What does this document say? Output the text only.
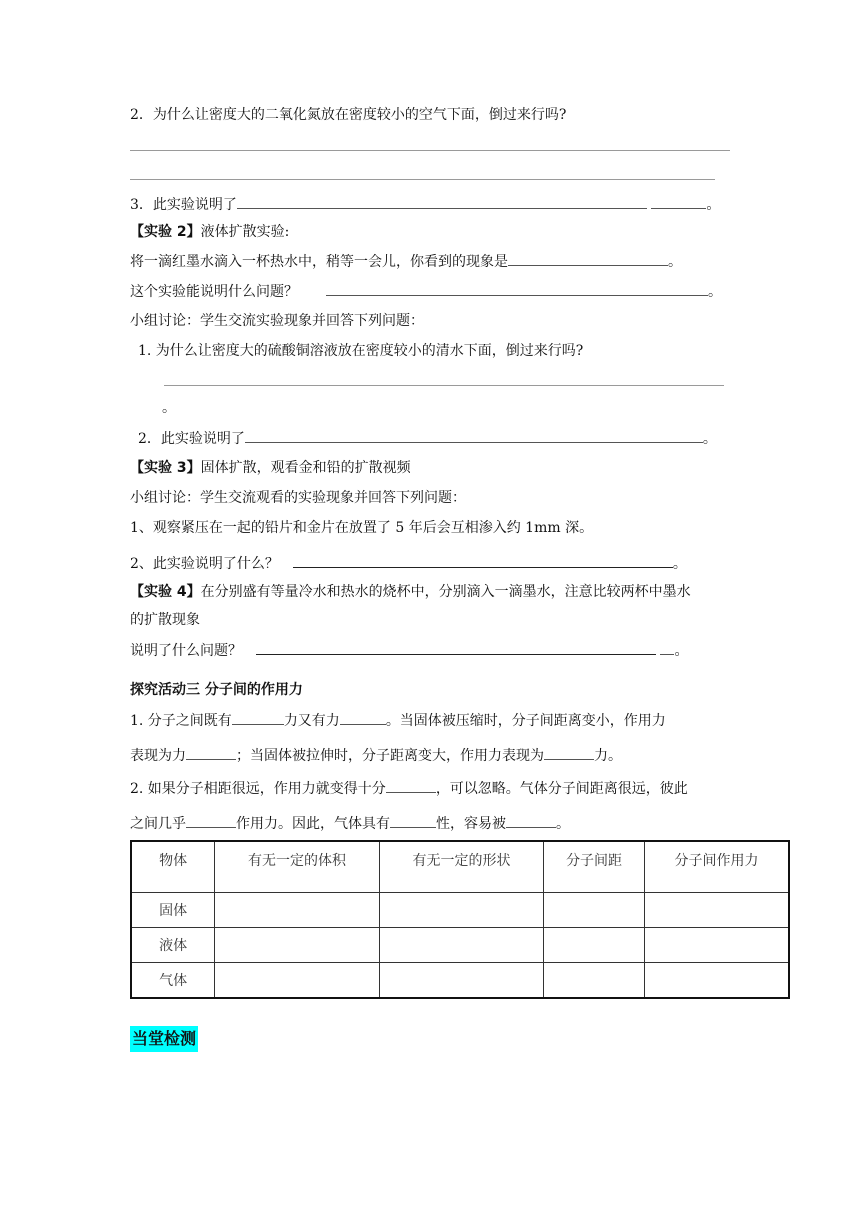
2．为什么让密度大的二氧化氮放在密度较小的空气下面，倒过来行吗?
3．此实验说明了	。
【实验 2】液体扩散实验:
将一滴红墨水滴入一杯热水中，稍等一会儿，你看到的现象是	。
这个实验能说明什么问题？	。
小组讨论：学生交流实验现象并回答下列问题：
1. 为什么让密度大的硫酸铜溶液放在密度较小的清水下面，倒过来行吗?
。
2．此实验说明了	。
【实验 3】固体扩散，观看金和铅的扩散视频
小组讨论：学生交流观看的实验现象并回答下列问题：
1、观察紧压在一起的铅片和金片在放置了 5 年后会互相渗入约 1mm 深。
2、此实验说明了什么？	。
【实验 4】在分别盛有等量冷水和热水的烧杯中，分别滴入一滴墨水，注意比较两杯中墨水
的扩散现象
说明了什么问题？	。
探究活动三 分子间的作用力
1. 分子之间既有	力又有力	。当固体被压缩时，分子间距离变小，作用力
表现为力	；当固体被拉伸时，分子距离变大，作用力表现为	力。
2. 如果分子相距很远，作用力就变得十分	，可以忽略。气体分子间距离很远，彼此
之间几乎	作用力。因此，气体具有	性，容易被	。
物体	有无一定的体积	有无一定的形状	分子间距	分子间作用力
固体				
液体				
气体				
当堂检测
